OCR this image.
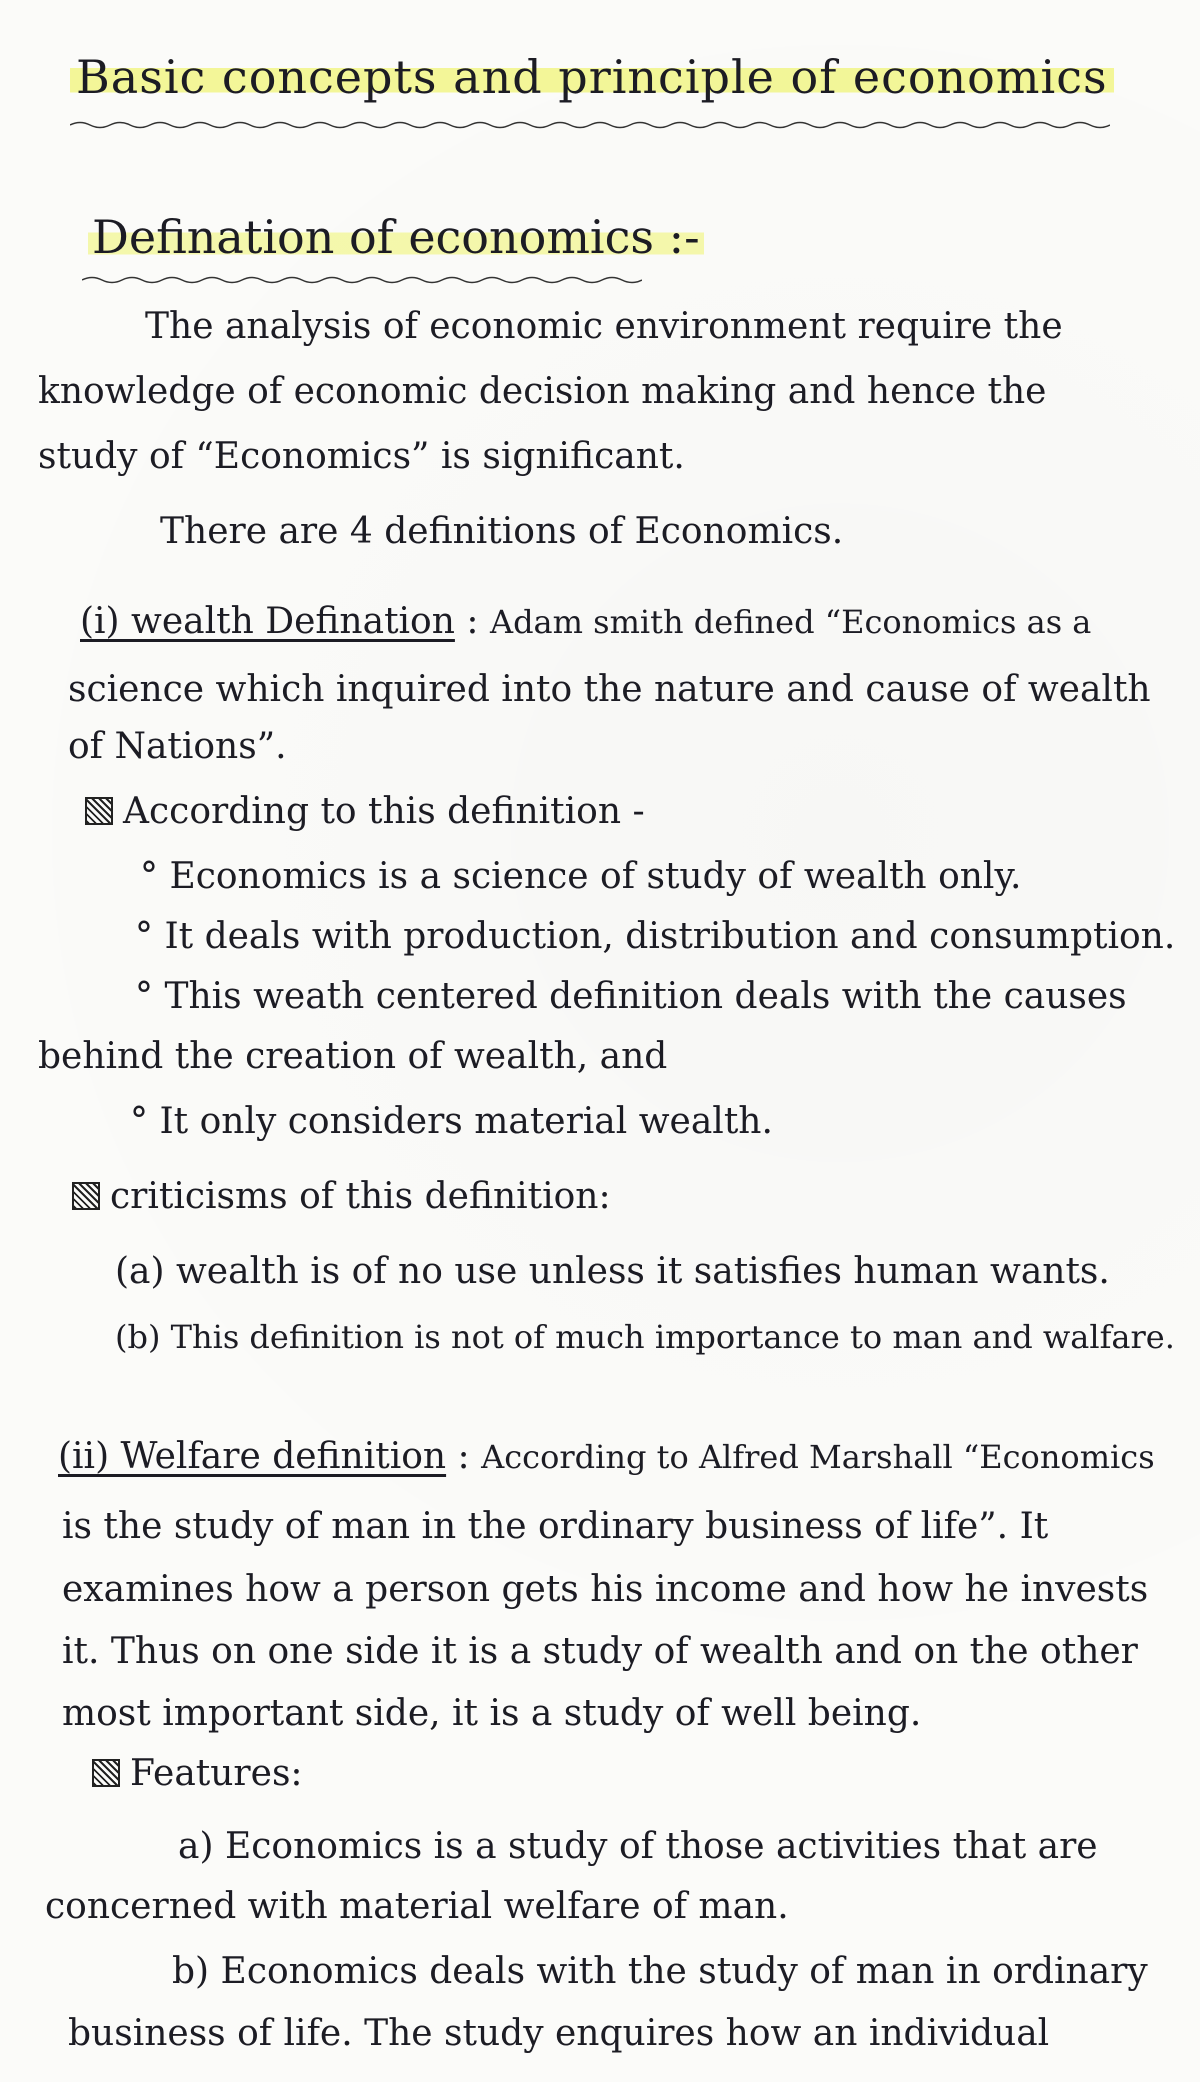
Basic concepts and principle of economics
Defination of economics :-
The analysis of economic environment require the
knowledge of economic decision making and hence the
study of “Economics” is significant.
There are 4 definitions of Economics.
(i) wealth Defination : Adam smith defined “Economics as a
science which inquired into the nature and cause of wealth
of Nations”.
According to this definition -
° Economics is a science of study of wealth only.
° It deals with production, distribution and consumption.
° This weath centered definition deals with the causes
behind the creation of wealth, and
° It only considers material wealth.
criticisms of this definition:
(a) wealth is of no use unless it satisfies human wants.
(b) This definition is not of much importance to man and walfare.
(ii) Welfare definition : According to Alfred Marshall “Economics
is the study of man in the ordinary business of life”. It
examines how a person gets his income and how he invests
it. Thus on one side it is a study of wealth and on the other
most important side, it is a study of well being.
Features:
a) Economics is a study of those activities that are
concerned with material welfare of man.
b) Economics deals with the study of man in ordinary
business of life. The study enquires how an individual
